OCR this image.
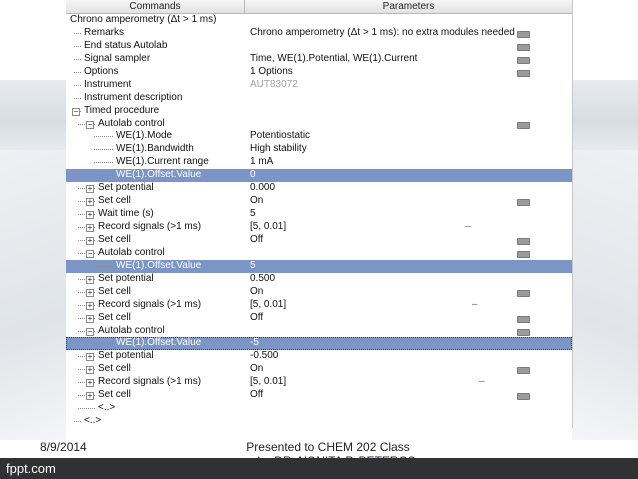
Commands	Parameters
Chrono amperometry (Δt > 1 ms)
Remarks	Chrono amperometry (Δt > 1 ms): no extra modules needed
End status Autolab
Signal sampler	Time, WE(1).Potential, WE(1).Current
Options	1 Options
Instrument	AUT83072
Instrument description
− Timed procedure
− Autolab control
WE(1).Mode	Potentiostatic
WE(1).Bandwidth	High stability
WE(1).Current range	1 mA
WE(1).Offset.Value	0
+ Set potential	0.000
+ Set cell	On
+ Wait time (s)	5
+ Record signals (>1 ms)	[5, 0.01]	–
+ Set cell	Off
− Autolab control
WE(1).Offset.Value	5
+ Set potential	0.500
+ Set cell	On
+ Record signals (>1 ms)	[5, 0.01]	–
+ Set cell	Off
− Autolab control
WE(1).Offset.Value	-5
+ Set potential	-0.500
+ Set cell	On
+ Record signals (>1 ms)	[5, 0.01]	–
+ Set cell	Off
<..>
<..>
8/9/2014	Presented to CHEM 202 Class
fppt.com
